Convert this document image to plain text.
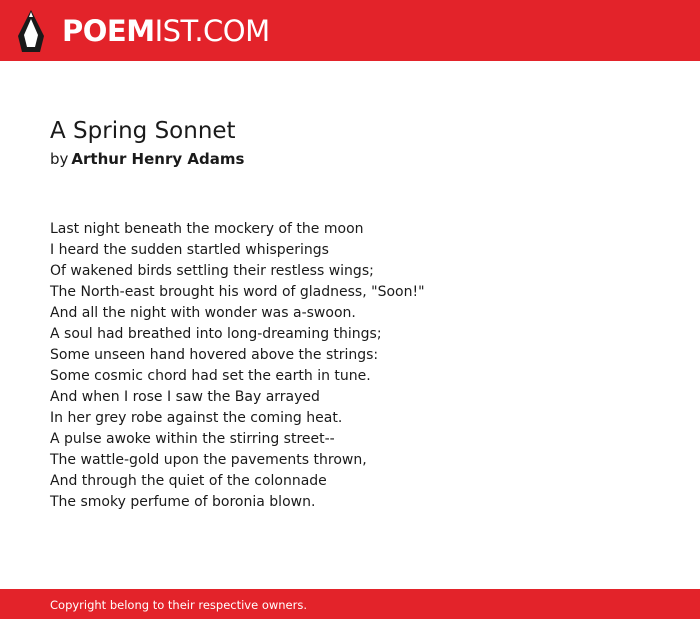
POEMIST.COM
A Spring Sonnet
by Arthur Henry Adams
Last night beneath the mockery of the moon
I heard the sudden startled whisperings
Of wakened birds settling their restless wings;
The North-east brought his word of gladness, "Soon!"
And all the night with wonder was a-swoon.
A soul had breathed into long-dreaming things;
Some unseen hand hovered above the strings:
Some cosmic chord had set the earth in tune.
And when I rose I saw the Bay arrayed
In her grey robe against the coming heat.
A pulse awoke within the stirring street--
The wattle-gold upon the pavements thrown,
And through the quiet of the colonnade
The smoky perfume of boronia blown.
Copyright belong to their respective owners.
